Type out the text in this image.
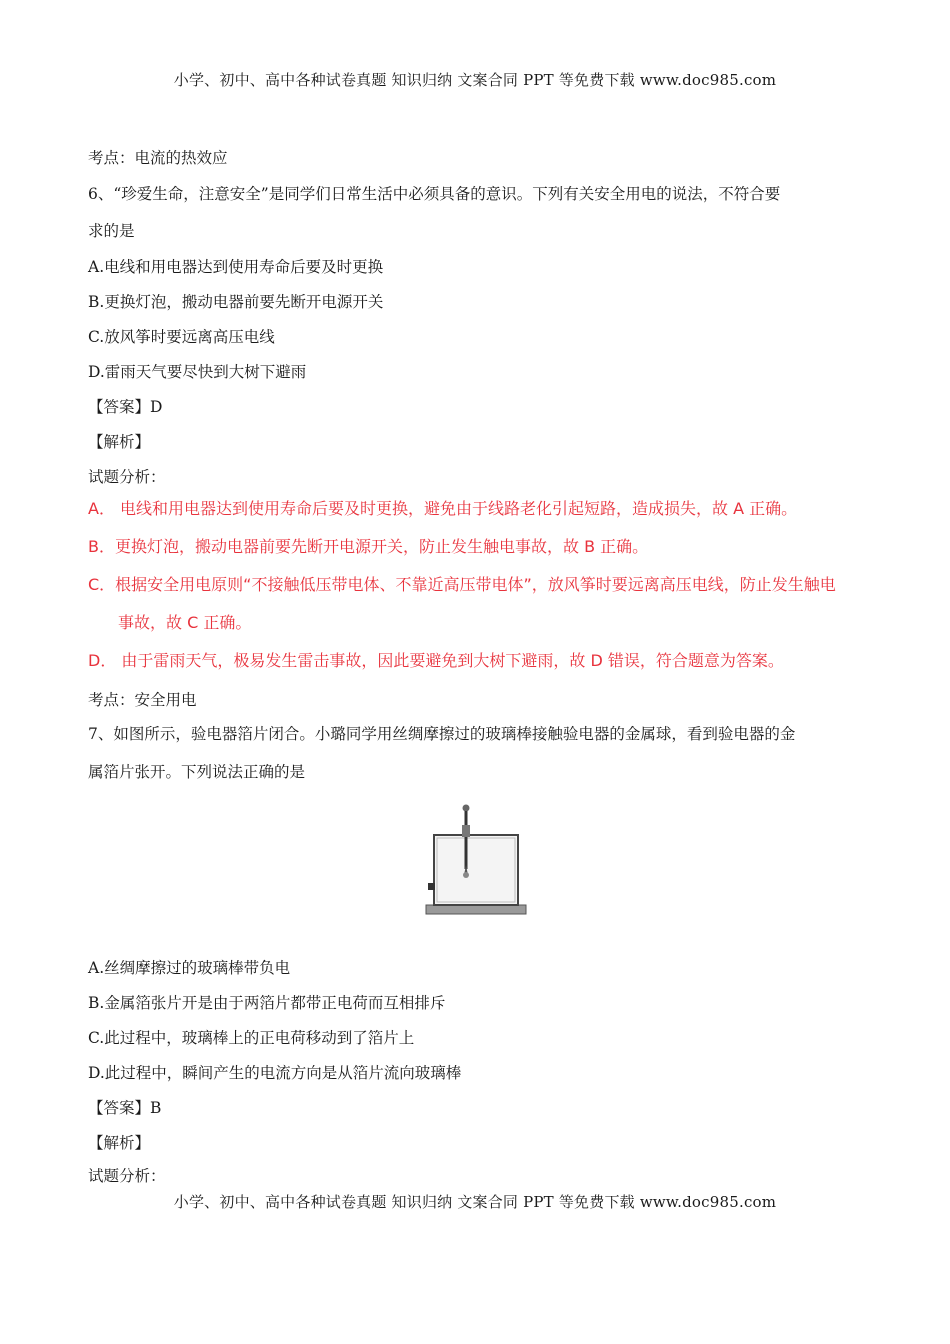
小学、初中、高中各种试卷真题 知识归纳 文案合同 PPT 等免费下载 www.doc985.com
考点：电流的热效应
6、“珍爱生命，注意安全”是同学们日常生活中必须具备的意识。下列有关安全用电的说法，不符合要
求的是
A.电线和用电器达到使用寿命后要及时更换
B.更换灯泡，搬动电器前要先断开电源开关
C.放风筝时要远离高压电线
D.雷雨天气要尽快到大树下避雨
【答案】D
【解析】
试题分析：
A． 电线和用电器达到使用寿命后要及时更换，避免由于线路老化引起短路，造成损失，故 A 正确。
B．更换灯泡，搬动电器前要先断开电源开关，防止发生触电事故，故 B 正确。
C．根据安全用电原则“不接触低压带电体、不靠近高压带电体”，放风筝时要远离高压电线，防止发生触电
事故，故 C 正确。
D． 由于雷雨天气，极易发生雷击事故，因此要避免到大树下避雨，故 D 错误，符合题意为答案。
考点：安全用电
7、如图所示，验电器箔片闭合。小璐同学用丝绸摩擦过的玻璃棒接触验电器的金属球，看到验电器的金
属箔片张开。下列说法正确的是
A.丝绸摩擦过的玻璃棒带负电
B.金属箔张片开是由于两箔片都带正电荷而互相排斥
C.此过程中，玻璃棒上的正电荷移动到了箔片上
D.此过程中，瞬间产生的电流方向是从箔片流向玻璃棒
【答案】B
【解析】
试题分析：
小学、初中、高中各种试卷真题 知识归纳 文案合同 PPT 等免费下载 www.doc985.com
